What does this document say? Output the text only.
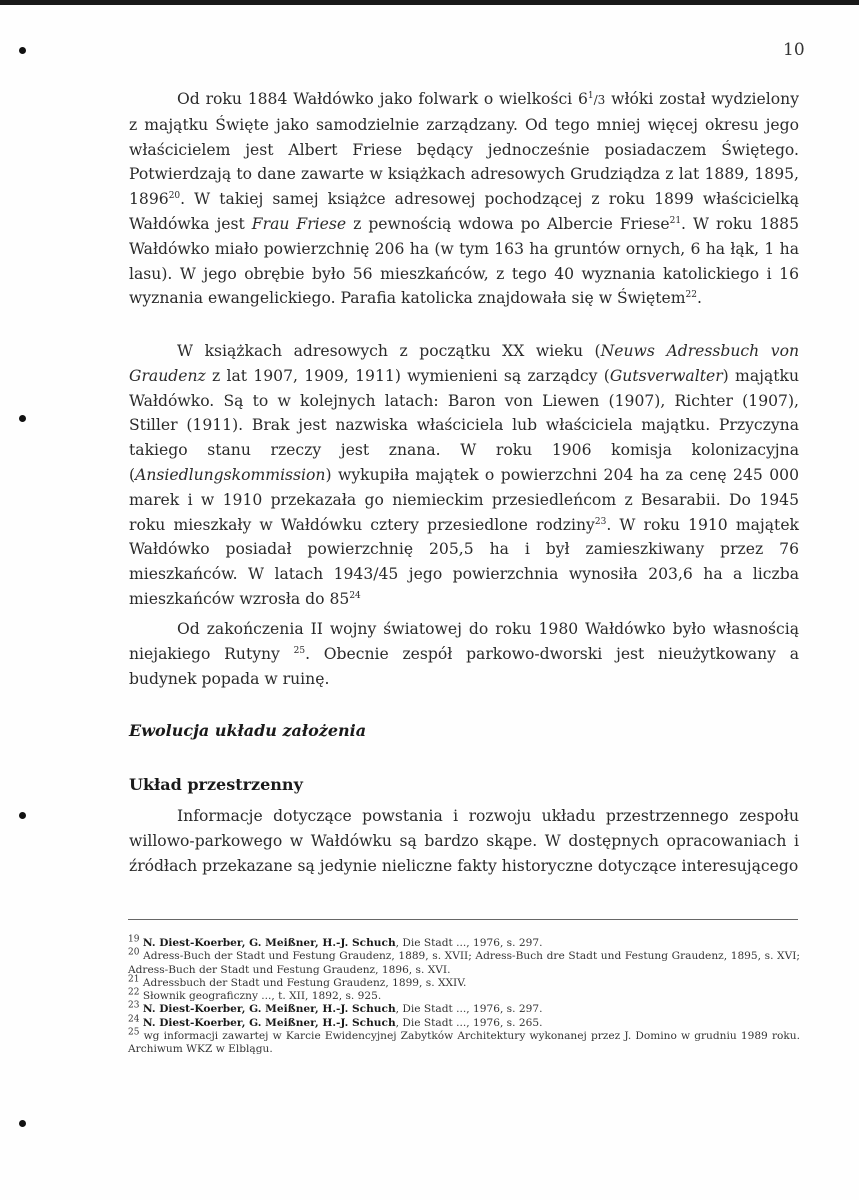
10

Od roku 1884 Wałdówko jako folwark o wielkości $6^1/3$ włóki został wydzielony z majątku Święte jako samodzielnie zarządzany. Od tego mniej więcej okresu jego właścicielem jest Albert Friese będący jednocześnie posiadaczem Świętego. Potwierdzają to dane zawarte w książkach adresowych Grudziądza z lat 1889, 1895, 1896$^{20}$. W takiej samej książce adresowej pochodzącej z roku 1899 właścicielką Wałdówka jest Frau Friese z pewnością wdowa po Albercie Friese$^{21}$. W roku 1885 Wałdówko miało powierzchnię 206 ha (w tym 163 ha gruntów ornych, 6 ha łąk, 1 ha lasu). W jego obrębie było 56 mieszkańców, z tego 40 wyznania katolickiego i 16 wyznania ewangelickiego. Parafia katolicka znajdowała się w Świętem$^{22}$.

W książkach adresowych z początku XX wieku (Neuws Adressbuch von Graudenz z lat 1907, 1909, 1911) wymienieni są zarządcy (Gutsverwalter) majątku Wałdówko. Są to w kolejnych latach: Baron von Liewen (1907), Richter (1907), Stiller (1911). Brak jest nazwiska właściciela lub właściciela majątku. Przyczyna takiego stanu rzeczy jest znana. W roku 1906 komisja kolonizacyjna (Ansiedlungskommission) wykupiła majątek o powierzchni 204 ha za cenę 245 000 marek i w 1910 przekazała go niemieckim przesiedleńcom z Besarabii. Do 1945 roku mieszkały w Wałdówku cztery przesiedlone rodziny$^{23}$. W roku 1910 majątek Wałdówko posiadał powierzchnię 205,5 ha i był zamieszkiwany przez 76 mieszkańców. W latach 1943/45 jego powierzchnia wynosiła 203,6 ha a liczba mieszkańców wzrosła do $85^{24}$

Od zakończenia II wojny światowej do roku 1980 Wałdówko było własnością niejakiego Rutyny $^{25}$. Obecnie zespół parkowo-dworski jest nieużytkowany a budynek popada w ruinę.

Ewolucja układu założenia
Układ przestrzenny

Informacje dotyczące powstania i rozwoju układu przestrzennego zespołu willowo-parkowego w Wałdówku są bardzo skąpe. W dostępnych opracowaniach i źródłach przekazane są jedynie nieliczne fakty historyczne dotyczące interesującego

$^{19}$ N. Diest-Koerber, G. Meißner, H.-J. Schuch, Die Stadt ..., 1976, s. 297.

$^{20}$ Adress-Buch der Stadt und Festung Graudenz, 1889, s. XVII; Adress-Buch dre Stadt und Festung Graudenz, 1895, s. XVI; Adress-Buch der Stadt und Festung Graudenz, 1896, s. XVI.

$^{21}$ Adressbuch der Stadt und Festung Graudenz, 1899, s. XXIV.

$^{22}$ Słownik geograficzny ..., t. XII, 1892, s. 925.

$^{23}$ N. Diest-Koerber, G. Meißner, H.-J. Schuch, Die Stadt ..., 1976, s. 297.

$^{24}$ N. Diest-Koerber, G. Meißner, H.-J. Schuch, Die Stadt ..., 1976, s. 265.

$^{25}$ wg informacji zawartej w Karcie Ewidencyjnej Zabytków Architektury wykonanej przez J. Domino w grudniu 1989 roku. Archiwum WKZ w Elblągu.
